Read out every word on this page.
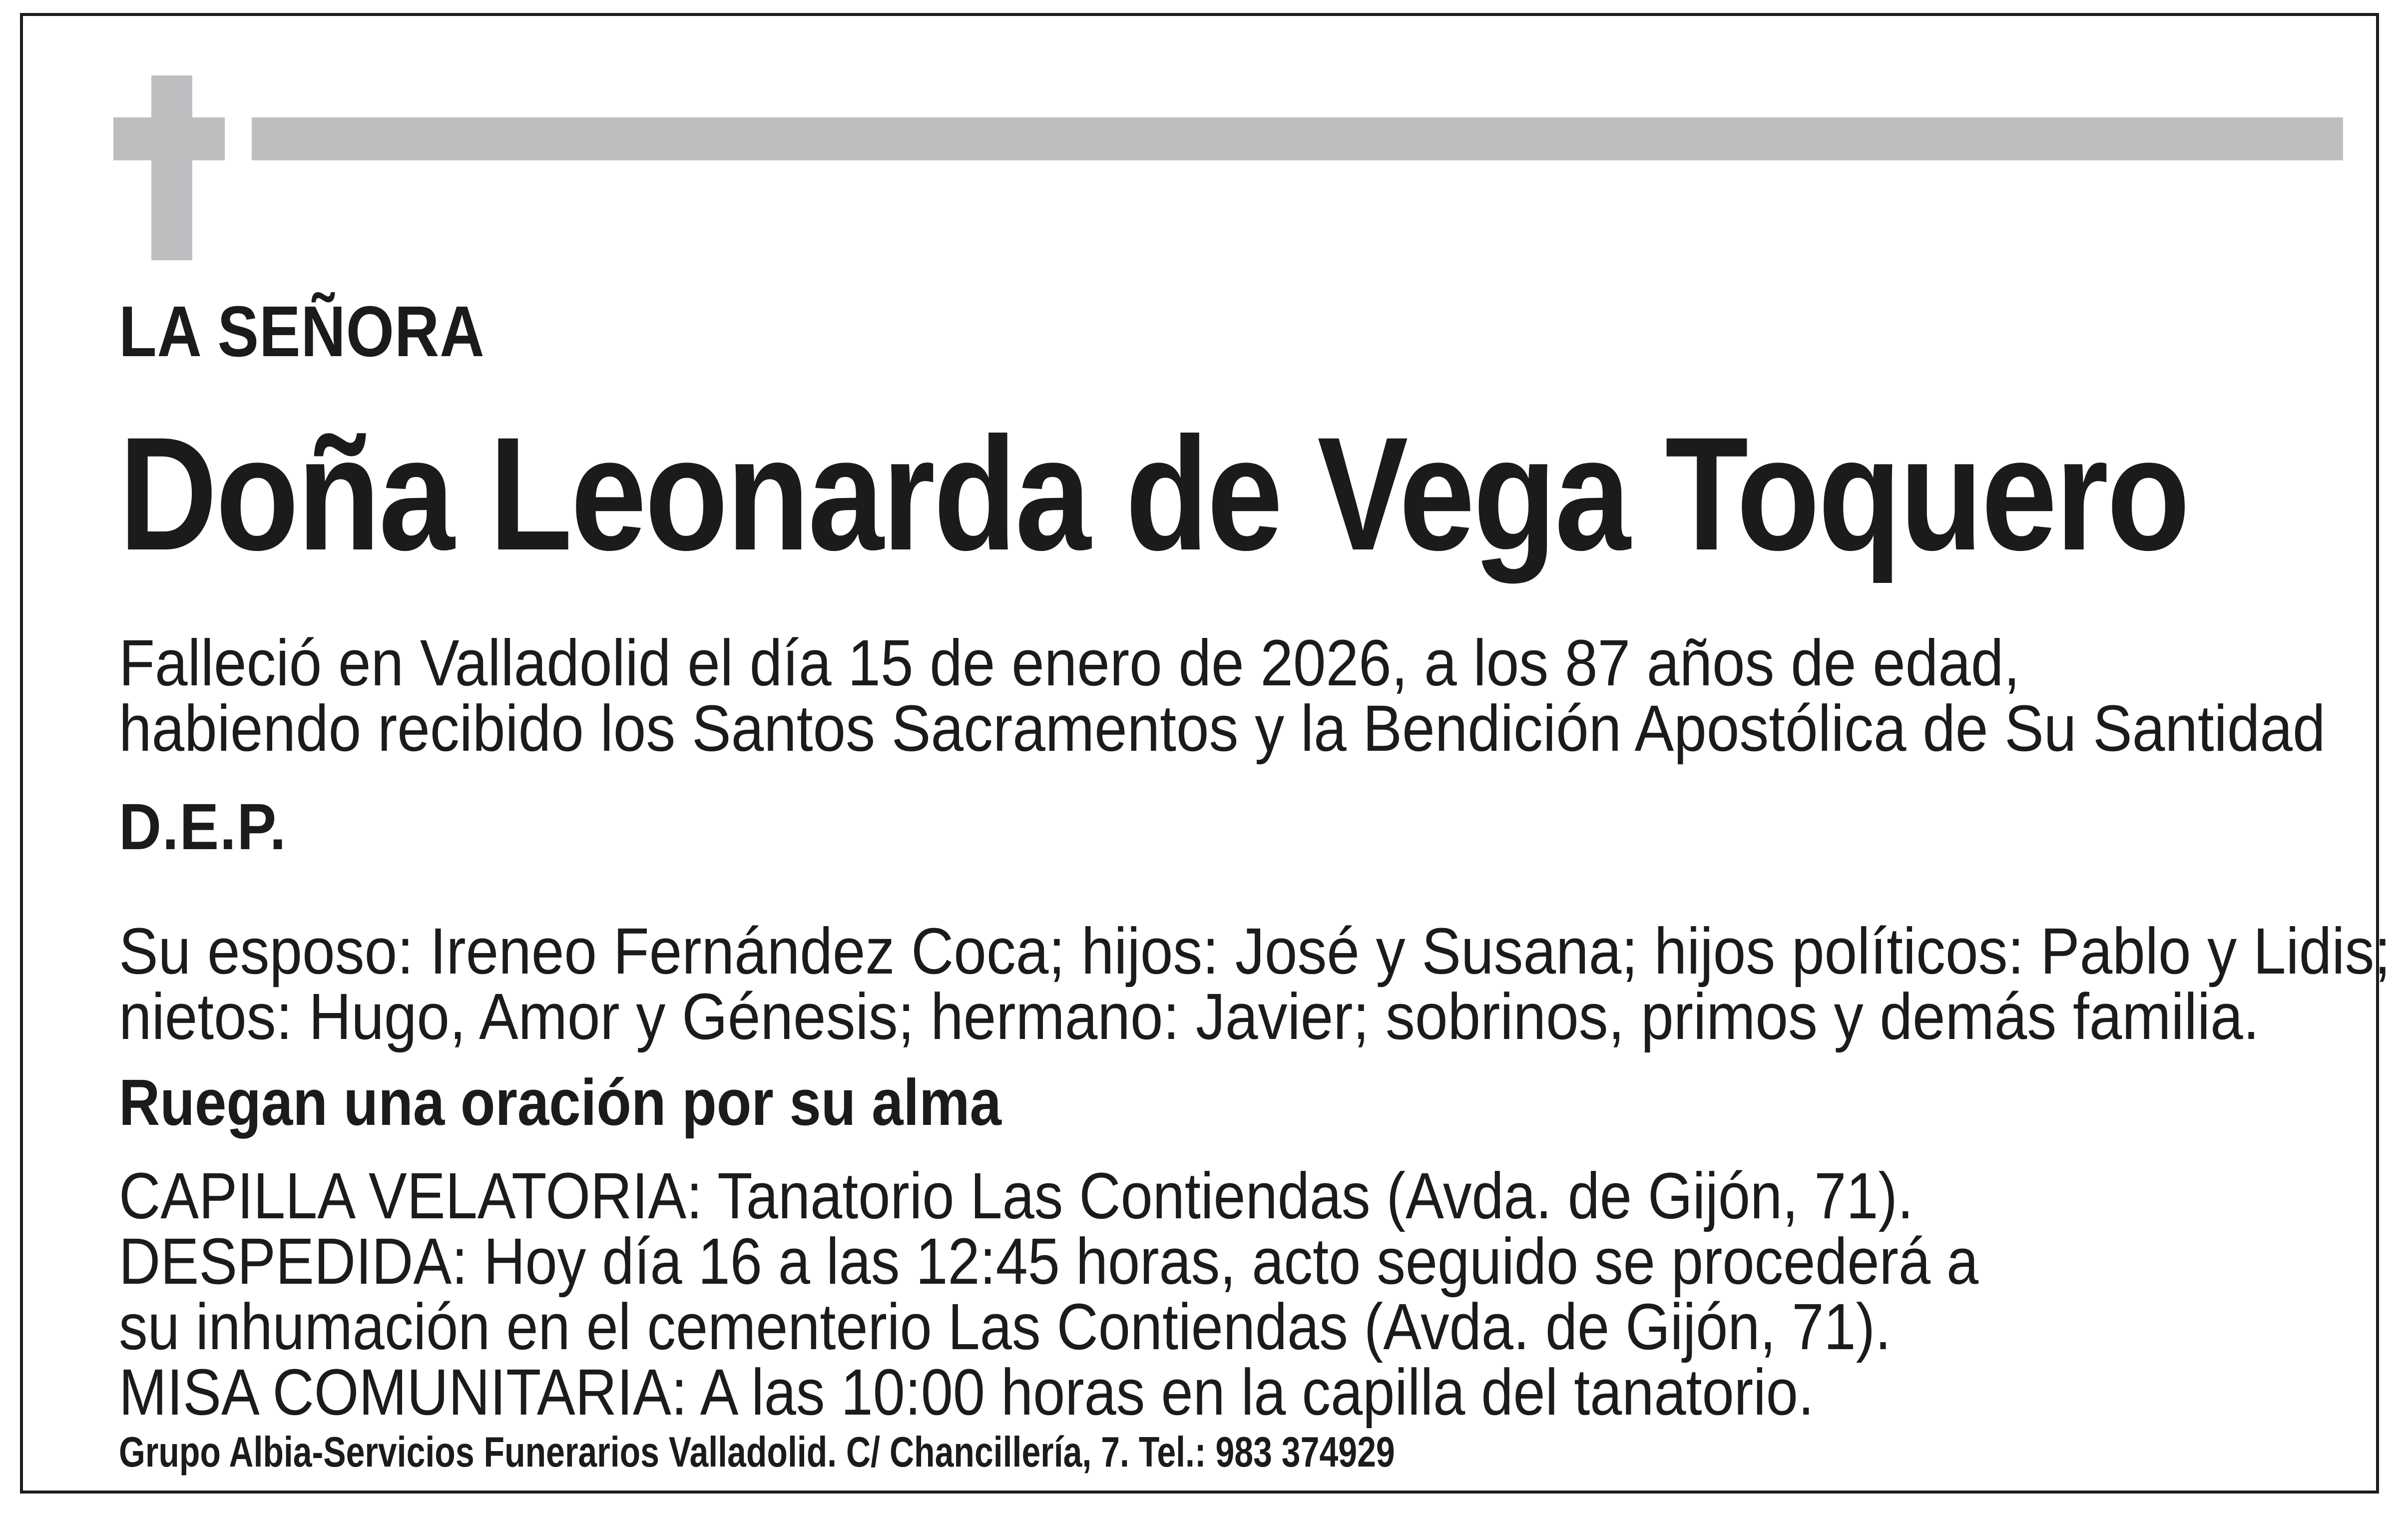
LA SEÑORA
Doña Leonarda de Vega Toquero
Falleció en Valladolid el día 15 de enero de 2026, a los 87 años de edad,
habiendo recibido los Santos Sacramentos y la Bendición Apostólica de Su Santidad
D.E.P.
Su esposo: Ireneo Fernández Coca; hijos: José y Susana; hijos políticos: Pablo y Lidis;
nietos: Hugo, Amor y Génesis; hermano: Javier; sobrinos, primos y demás familia.
Ruegan una oración por su alma
CAPILLA VELATORIA: Tanatorio Las Contiendas (Avda. de Gijón, 71).
DESPEDIDA: Hoy día 16 a las 12:45 horas, acto seguido se procederá a
su inhumación en el cementerio Las Contiendas (Avda. de Gijón, 71).
MISA COMUNITARIA: A las 10:00 horas en la capilla del tanatorio.
Grupo Albia-Servicios Funerarios Valladolid. C/ Chancillería, 7. Tel.: 983 374929
